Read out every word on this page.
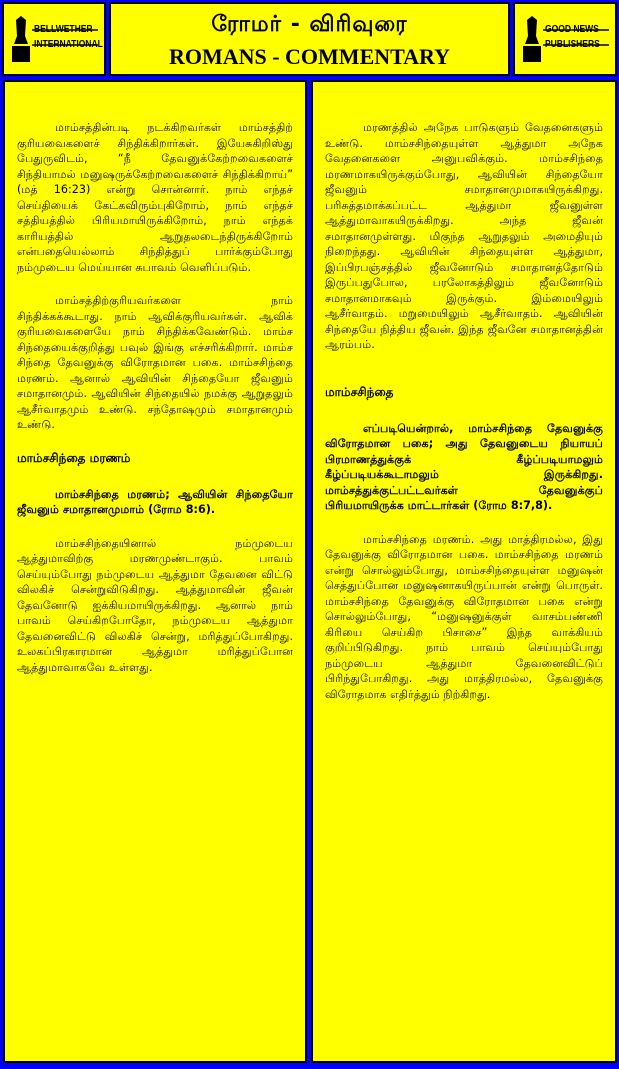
BELLWETHER
INTERNATIONAL
ரோமர் - விரிவுரை
ROMANS - COMMENTARY
GOOD NEWS
PUBLISHERS

மாம்சத்தின்படி நடக்கிறவர்கள் மாம்சத்திற் குரியவைகளைச் சிந்திக்கிறார்கள். இயேசுகிறிஸ்து பேதுருவிடம், “நீ தேவனுக்கேற்றவைகளைச் சிந்தியாமல் மனுஷருக்கேற்றவைகளைச் சிந்திக்கிறாய்” (மத் 16:23) என்று சொன்னார். நாம் எந்தச் செய்தியைக் கேட்கவிரும்புகிறோம், நாம் எந்தச் சத்தியத்தில் பிரியமாயிருக்கிறோம், நாம் எந்தக் காரியத்தில் ஆறுதலடைந்திருக்கிறோம் என்பதையெல்லாம் சிந்தித்துப் பார்க்கும்போது நம்முடைய மெய்யான சுபாவம் வெளிப்படும்.

மாம்சத்திற்குரியவர்களை நாம் சிந்திக்கக்கூடாது. நாம் ஆவிக்குரியவர்கள். ஆவிக் குரியவைகளையே நாம் சிந்திக்கவேண்டும். மாம்ச சிந்தையைக்குறித்து பவுல் இங்கு எச்சரிக்கிறார். மாம்ச சிந்தை தேவனுக்கு விரோதமான பகை. மாம்சசிந்தை மரணம். ஆனால் ஆவியின் சிந்தையோ ஜீவனும் சமாதானமும். ஆவியின் சிந்தையில் நமக்கு ஆறுதலும் ஆசீர்வாதமும் உண்டு. சந்தோஷமும் சமாதானமும் உண்டு.

மாம்சசிந்தை மரணம்

மாம்சசிந்தை மரணம்; ஆவியின் சிந்தையோ ஜீவனும் சமாதானமுமாம் (ரோம 8:6).

மாம்சசிந்தையினால் நம்முடைய ஆத்துமாவிற்கு மரணமுண்டாகும். பாவம் செய்யும்போது நம்முடைய ஆத்துமா தேவனை விட்டு விலகிச் சென்றுவிடுகிறது. ஆத்துமாவின் ஜீவன் தேவனோடு ஐக்கியமாயிருக்கிறது. ஆனால் நாம் பாவம் செய்கிறபோதோ, நம்முடைய ஆத்துமா தேவனைவிட்டு விலகிச் சென்று, மரித்துப்போகிறது. உலகப்பிரகாரமான ஆத்துமா மரித்துப்போன ஆத்துமாவாகவே உள்ளது.

மரணத்தில் அநேக பாடுகளும் வேதனைகளும் உண்டு. மாம்சசிந்தையுள்ள ஆத்துமா அநேக வேதனைகளை அனுபவிக்கும். மாம்சசிந்தை மரணமாகயிருக்கும்போது, ஆவியின் சிந்தையோ ஜீவனும் சமாதானமுமாகயிருக்கிறது. பரிசுத்தமாக்கப்பட்ட ஆத்துமா ஜீவனுள்ள ஆத்துமாவாகயிருக்கிறது. அந்த ஜீவன் சமாதானமுள்ளது. மிகுந்த ஆறுதலும் அமைதியும் நிறைந்தது. ஆவியின் சிந்தையுள்ள ஆத்துமா, இப்பிரபஞ்சத்தில் ஜீவனோடும் சமாதானத்தோடும் இருப்பதுபோல, பரலோகத்திலும் ஜீவனோடும் சமாதானமாகவும் இருக்கும். இம்மையிலும் ஆசீர்வாதம். மறுமையிலும் ஆசீர்வாதம். ஆவியின் சிந்தையே நித்திய ஜீவன். இந்த ஜீவனே சமாதானத்தின் ஆரம்பம்.

மாம்சசிந்தை

எப்படியென்றால், மாம்சசிந்தை தேவனுக்கு விரோதமான பகை; அது தேவனுடைய நியாயப் பிரமாணத்துக்குக் கீழ்ப்படியாமலும் கீழ்ப்படியக்கூடாமலும் இருக்கிறது. மாம்சத்துக்குட்பட்டவர்கள் தேவனுக்குப் பிரியமாயிருக்க மாட்டார்கள் (ரோம 8:7,8).

மாம்சசிந்தை மரணம். அது மாத்திரமல்ல, இது தேவனுக்கு விரோதமான பகை. மாம்சசிந்தை மரணம் என்று சொல்லும்போது, மாம்சசிந்தையுள்ள மனுஷன் செத்துப்போன மனுஷனாகயிருப்பான் என்று பொருள். மாம்சசிந்தை தேவனுக்கு விரோதமான பகை என்று சொல்லும்போது, “மனுஷனுக்குள் வாசம்பண்ணி கிரியை செய்கிற பிசாசை” இந்த வாக்கியம் குறிப்பிடுகிறது. நாம் பாவம் செய்யும்போது நம்முடைய ஆத்துமா தேவனைவிட்டுப் பிரிந்துபோகிறது. அது மாத்திரமல்ல, தேவனுக்கு விரோதமாக எதிர்த்தும் நிற்கிறது.
